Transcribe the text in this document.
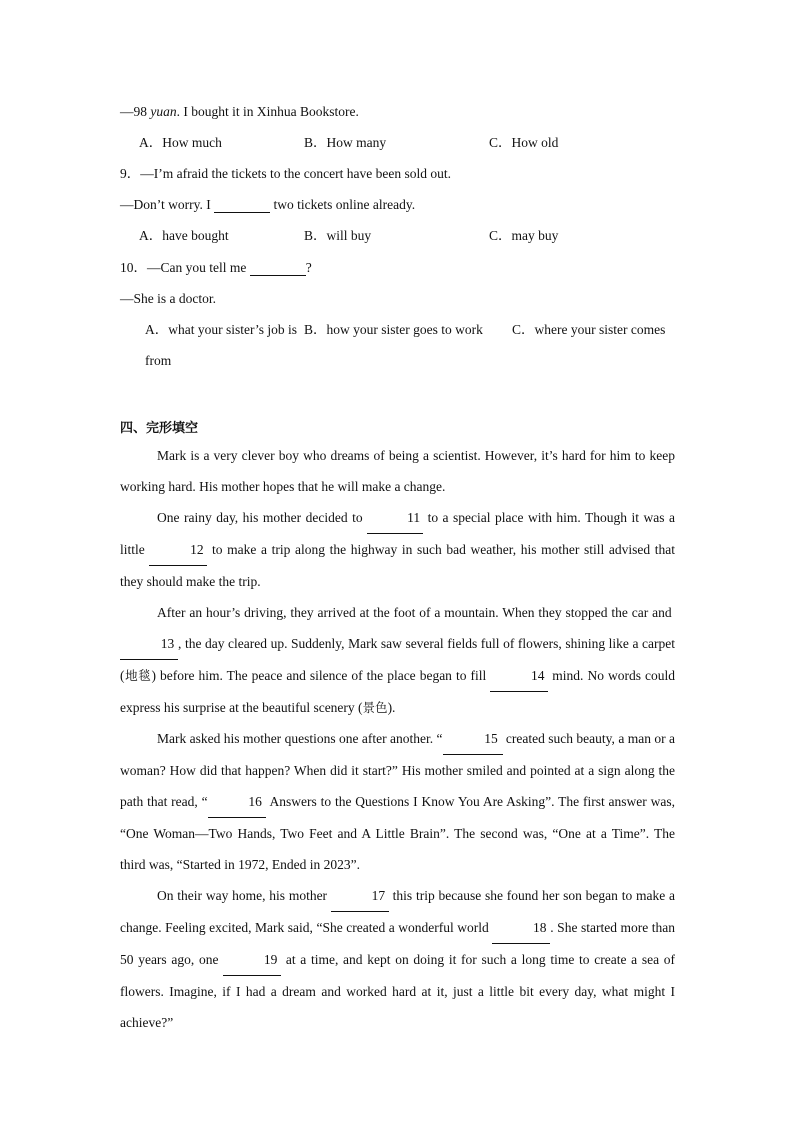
—98 yuan. I bought it in Xinhua Bookstore.
A．How much	B．How many	C．How old
9．—I’m afraid the tickets to the concert have been sold out.
—Don’t worry. I	two tickets online already.
A．have bought	B．will buy	C．may buy
10．—Can you tell me	?
—She is a doctor.
A．what your sister’s job is B．how your sister goes to work C．where your sister comes
from
四、完形填空

Mark is a very clever boy who dreams of being a scientist. However, it’s hard for him to keep working hard. His mother hopes that he will make a change.

One rainy day, his mother decided to	11 to a special place with him. Though it was a little	12 to make a trip along the highway in such bad weather, his mother still advised that they should make the trip.

After an hour’s driving, they arrived at the foot of a mountain. When they stopped the car and 13 , the day cleared up. Suddenly, Mark saw several fields full of flowers, shining like a carpet (地毯) before him. The peace and silence of the place began to fill	14 mind. No words could express his surprise at the beautiful scenery (景色).

Mark asked his mother questions one after another. “	15 created such beauty, a man or a woman? How did that happen? When did it start?” His mother smiled and pointed at a sign along the path that read, “	16 Answers to the Questions I Know You Are Asking”. The first answer was, “One Woman—Two Hands, Two Feet and A Little Brain”. The second was, “One at a Time”. The third was, “Started in 1972, Ended in 2023”.

On their way home, his mother	17 this trip because she found her son began to make a change. Feeling excited, Mark said, “She created a wonderful world	18 . She started more than 50 years ago, one	19 at a time, and kept on doing it for such a long time to create a sea of flowers. Imagine, if I had a dream and worked hard at it, just a little bit every day, what might I achieve?”
